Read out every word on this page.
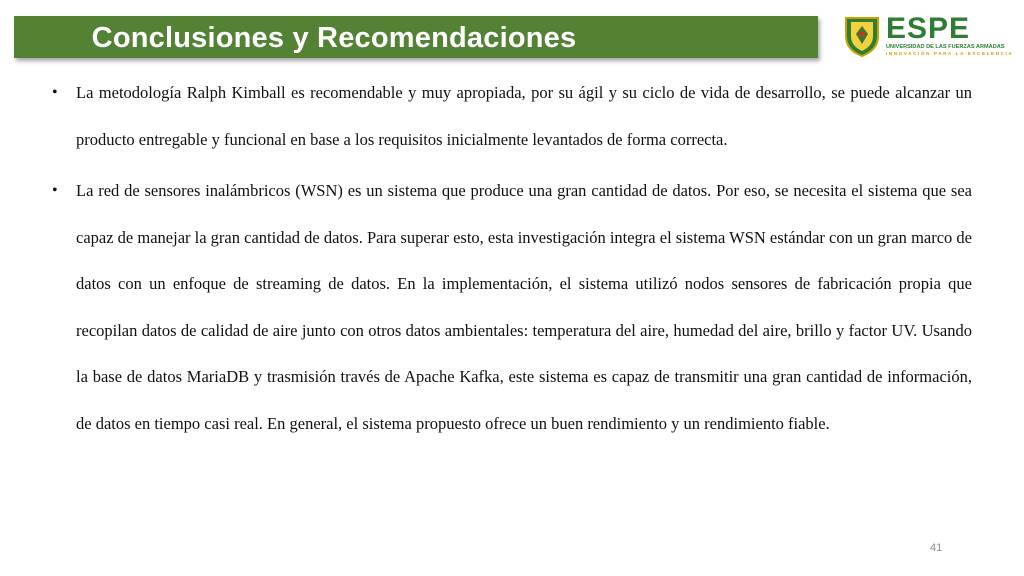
Conclusiones y Recomendaciones	ESPE
UNIVERSIDAD DE LAS FUERZAS ARMADAS
INNOVACIÓN PARA LA EXCELENCIA
• La metodología Ralph Kimball es recomendable y muy apropiada, por su ágil y su ciclo de vida de desarrollo, se puede alcanzar un producto entregable y funcional en base a los requisitos inicialmente levantados de forma correcta.
• La red de sensores inalámbricos (WSN) es un sistema que produce una gran cantidad de datos. Por eso, se necesita el sistema que sea capaz de manejar la gran cantidad de datos. Para superar esto, esta investigación integra el sistema WSN estándar con un gran marco de datos con un enfoque de streaming de datos. En la implementación, el sistema utilizó nodos sensores de fabricación propia que recopilan datos de calidad de aire junto con otros datos ambientales: temperatura del aire, humedad del aire, brillo y factor UV. Usando la base de datos MariaDB y trasmisión través de Apache Kafka, este sistema es capaz de transmitir una gran cantidad de información, de datos en tiempo casi real. En general, el sistema propuesto ofrece un buen rendimiento y un rendimiento fiable.
41
